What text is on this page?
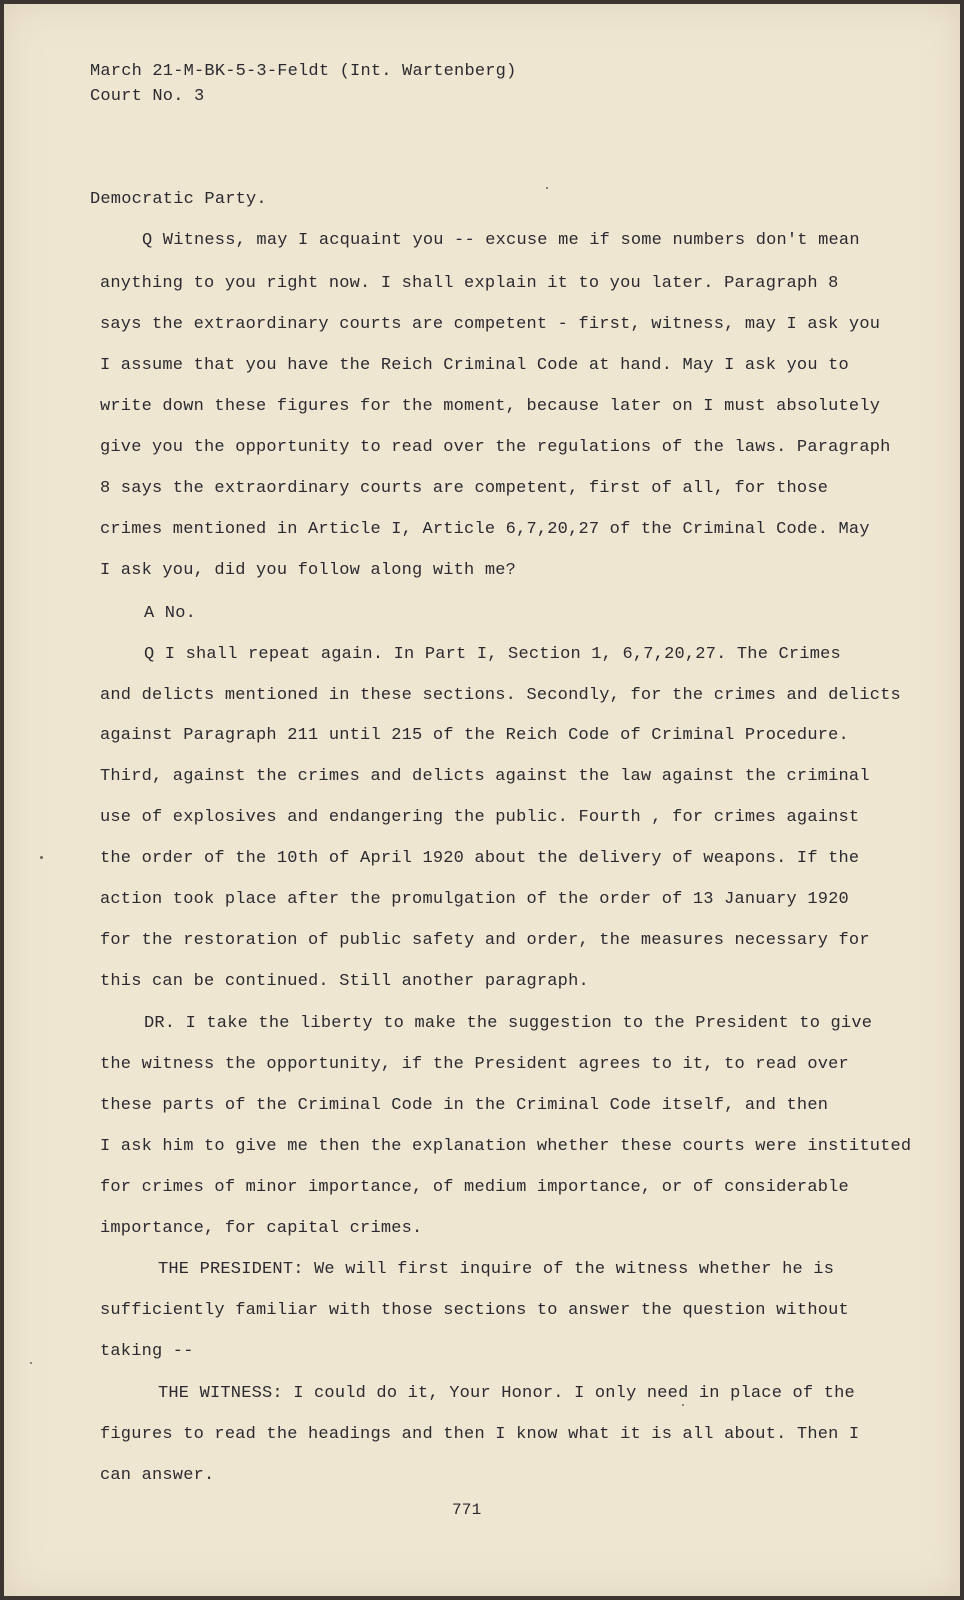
March 21-M-BK-5-3-Feldt (Int. Wartenberg)
Court No. 3
Democratic Party.
Q Witness, may I acquaint you -- excuse me if some numbers don't mean
anything to you right now. I shall explain it to you later. Paragraph 8
says the extraordinary courts are competent - first, witness, may I ask you
I assume that you have the Reich Criminal Code at hand. May I ask you to
write down these figures for the moment, because later on I must absolutely
give you the opportunity to read over the regulations of the laws. Paragraph
8 says the extraordinary courts are competent, first of all, for those
crimes mentioned in Article I, Article 6,7,20,27 of the Criminal Code. May
I ask you, did you follow along with me?
A No.
Q I shall repeat again. In Part I, Section 1, 6,7,20,27. The Crimes
and delicts mentioned in these sections. Secondly, for the crimes and delicts
against Paragraph 211 until 215 of the Reich Code of Criminal Procedure.
Third, against the crimes and delicts against the law against the criminal
use of explosives and endangering the public. Fourth , for crimes against
the order of the 10th of April 1920 about the delivery of weapons. If the
action took place after the promulgation of the order of 13 January 1920
for the restoration of public safety and order, the measures necessary for
this can be continued. Still another paragraph.
DR. I take the liberty to make the suggestion to the President to give
the witness the opportunity, if the President agrees to it, to read over
these parts of the Criminal Code in the Criminal Code itself, and then
I ask him to give me then the explanation whether these courts were instituted
for crimes of minor importance, of medium importance, or of considerable
importance, for capital crimes.
THE PRESIDENT: We will first inquire of the witness whether he is
sufficiently familiar with those sections to answer the question without
taking --
THE WITNESS: I could do it, Your Honor. I only need in place of the
figures to read the headings and then I know what it is all about. Then I
can answer.
771
